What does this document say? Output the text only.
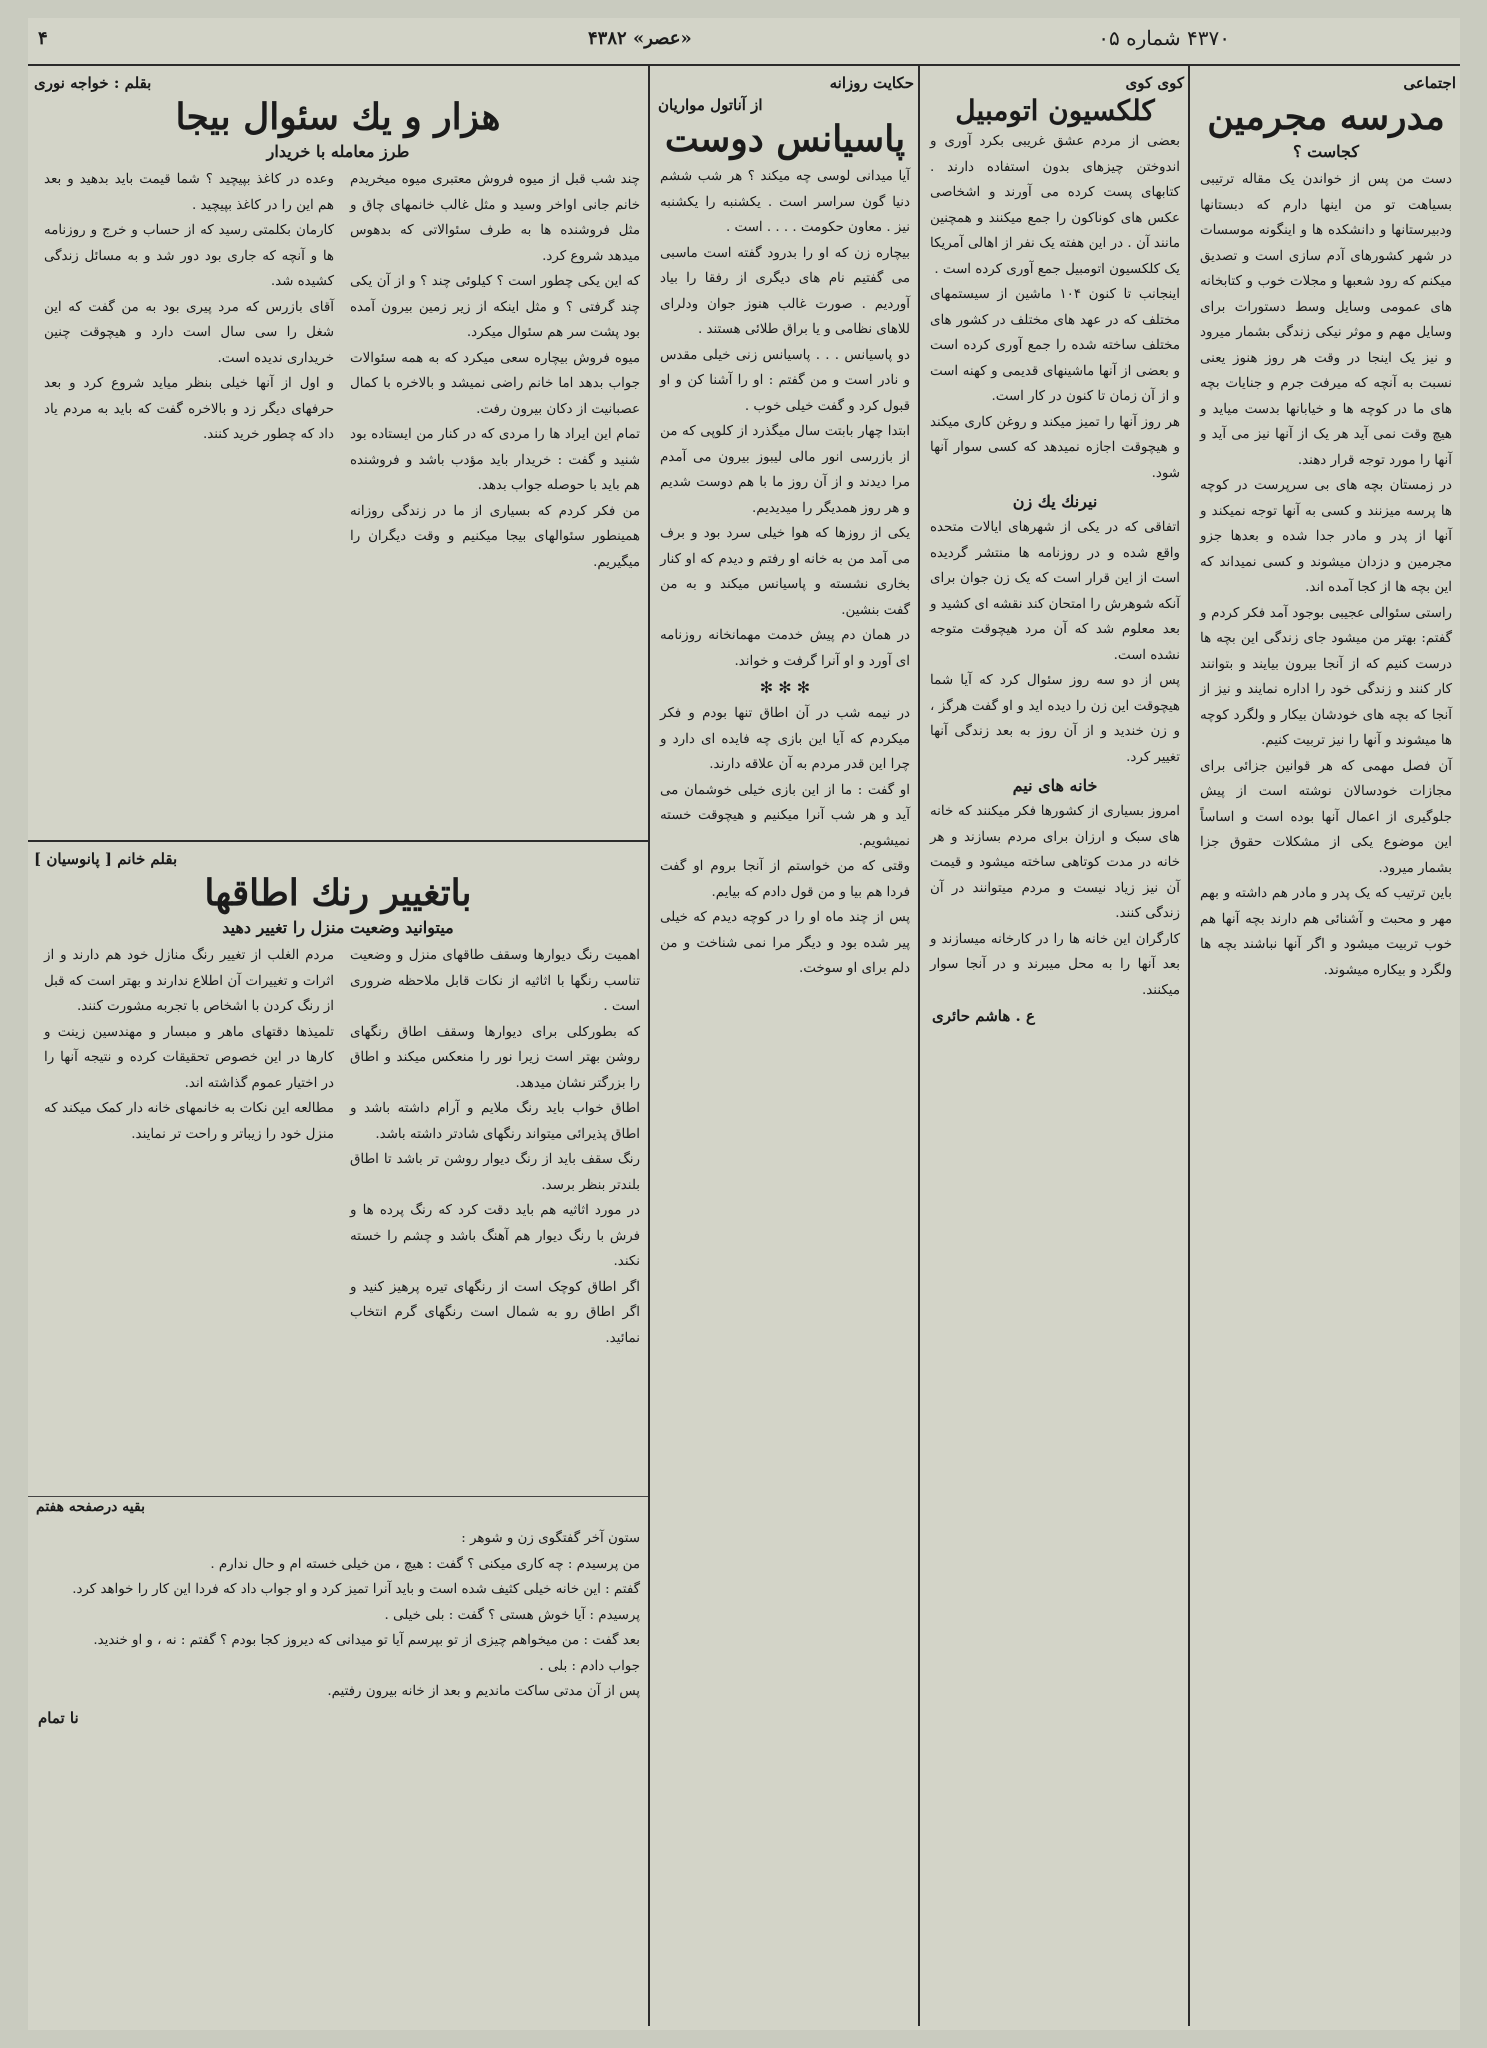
۴۳۷۰ شماره ۰۵
«عصر» ۴۳۸۲
۴
اجتماعی
مدرسه مجرمین
کجاست ؟
دست من پس از خواندن یک مقاله ترتیبی بسیاهت تو من اینها دارم که دبستانها ودبیرستانها و دانشکده ها و اینگونه موسسات در شهر کشورهای آدم سازی است و تصدیق میکنم که رود شعبها و مجلات خوب و کتابخانه های عمومی وسایل وسط دستورات برای وسایل مهم و موثر نیکی زندگی بشمار میرود و نیز یک اینجا در وقت هر روز هنوز یعنی نسبت به آنچه که میرفت جرم و جنایات بچه های ما در کوچه ها و خیابانها بدست میاید و هیچ وقت نمی آید هر یک از آنها نیز می آید و آنها را مورد توجه قرار دهند.
در زمستان بچه های بی سرپرست در کوچه ها پرسه میزنند و کسی به آنها توجه نمیکند و آنها از پدر و مادر جدا شده و بعدها جزو مجرمین و دزدان میشوند و کسی نمیداند که این بچه ها از کجا آمده اند.
راستی سئوالی عجیبی بوجود آمد فکر کردم و گفتم: بهتر من میشود جای زندگی این بچه ها درست کنیم که از آنجا بیرون بیایند و بتوانند کار کنند و زندگی خود را اداره نمایند و نیز از آنجا که بچه های خودشان بیکار و ولگرد کوچه ها میشوند و آنها را نیز تربیت کنیم.
آن فصل مهمی که هر قوانین جزائی برای مجازات خودسالان نوشته است از پیش جلوگیری از اعمال آنها بوده است و اساساً این موضوع یکی از مشکلات حقوق جزا بشمار میرود.
باین ترتیب که یک پدر و مادر هم داشته و بهم مهر و محبت و آشنائی هم دارند بچه آنها هم خوب تربیت میشود و اگر آنها نباشند بچه ها ولگرد و بیکاره میشوند.
کوی کوی
کلکسیون اتومبیل
بعضی از مردم عشق غریبی بکرد آوری و اندوختن چیزهای بدون استفاده دارند . کتابهای پست کرده می آورند و اشخاصی عکس های کوناکون را جمع میکنند و همچنین مانند آن . در این هفته یک نفر از اهالی آمریکا یک کلکسیون اتومبیل جمع آوری کرده است .
اینجانب تا کنون ۱۰۴ ماشین از سیستمهای مختلف که در عهد های مختلف در کشور های مختلف ساخته شده را جمع آوری کرده است و بعضی از آنها ماشینهای قدیمی و کهنه است و از آن زمان تا کنون در کار است.
هر روز آنها را تمیز میکند و روغن کاری میکند و هیچوقت اجازه نمیدهد که کسی سوار آنها شود.
نیرنك یك زن
اتفاقی که در یکی از شهرهای ایالات متحده واقع شده و در روزنامه ها منتشر گردیده است از این قرار است که یک زن جوان برای آنکه شوهرش را امتحان کند نقشه ای کشید و بعد معلوم شد که آن مرد هیچوقت متوجه نشده است.
پس از دو سه روز سئوال کرد که آیا شما هیچوقت این زن را دیده اید و او گفت هرگز ، و زن خندید و از آن روز به بعد زندگی آنها تغییر کرد.
خانه های نیم
امروز بسیاری از کشورها فکر میکنند که خانه های سبک و ارزان برای مردم بسازند و هر خانه در مدت کوتاهی ساخته میشود و قیمت آن نیز زیاد نیست و مردم میتوانند در آن زندگی کنند.
کارگران این خانه ها را در کارخانه میسازند و بعد آنها را به محل میبرند و در آنجا سوار میکنند.
ع . هاشم حائری
حکایت روزانه
از آناتول مواریان
پاسیانس دوست
آیا میدانی لوسی چه میکند ؟ هر شب ششم دنیا گون سراسر است . یکشنبه را یکشنبه نیز . معاون حکومت . . . . است .
بیچاره زن که او را بدرود گفته است ماسبی می گفتیم نام های دیگری از رفقا را بیاد آوردیم . صورت غالب هنوز جوان ودلرای للاهای نظامی و یا براق طلائی هستند .
دو پاسیانس . . . پاسیانس زنی خیلی مقدس و نادر است و من گفتم : او را آشنا کن و او قبول کرد و گفت خیلی خوب .
ابتدا چهار بابتت سال میگذرد از کلوپی که من از بازرسی انور مالی لیبوز بیرون می آمدم مرا دیدند و از آن روز ما با هم دوست شدیم و هر روز همدیگر را میدیدیم.
یکی از روزها که هوا خیلی سرد بود و برف می آمد من به خانه او رفتم و دیدم که او کنار بخاری نشسته و پاسیانس میکند و به من گفت بنشین.
در همان دم پیش خدمت مهمانخانه روزنامه ای آورد و او آنرا گرفت و خواند.
✻ ✻ ✻
در نیمه شب در آن اطاق تنها بودم و فکر میکردم که آیا این بازی چه فایده ای دارد و چرا این قدر مردم به آن علاقه دارند.
او گفت : ما از این بازی خیلی خوشمان می آید و هر شب آنرا میکنیم و هیچوقت خسته نمیشویم.
وقتی که من خواستم از آنجا بروم او گفت فردا هم بیا و من قول دادم که بیایم.
پس از چند ماه او را در کوچه دیدم که خیلی پیر شده بود و دیگر مرا نمی شناخت و من دلم برای او سوخت.
بقلم : خواجه نوری
هزار و یك سئوال بیجا
طرز معامله با خریدار
چند شب قبل از میوه فروش معتبری میوه میخریدم خانم جانی اواخر وسید و مثل غالب خانمهای چاق و مثل فروشنده ها به طرف سئوالاتی که بدهوس میدهد شروع کرد.
که این یکی چطور است ؟ کیلوئی چند ؟ و از آن یکی چند گرفتی ؟ و مثل اینکه از زیر زمین بیرون آمده بود پشت سر هم سئوال میکرد.
میوه فروش بیچاره سعی میکرد که به همه سئوالات جواب بدهد اما خانم راضی نمیشد و بالاخره با کمال عصبانیت از دکان بیرون رفت.
تمام این ایراد ها را مردی که در کنار من ایستاده بود شنید و گفت : خریدار باید مؤدب باشد و فروشنده هم باید با حوصله جواب بدهد.
من فکر کردم که بسیاری از ما در زندگی روزانه همینطور سئوالهای بیجا میکنیم و وقت دیگران را میگیریم.
وعده در کاغذ بپیچید ؟ شما قیمت باید بدهید و بعد هم این را در کاغذ بپیچید .
کارمان بکلمتی رسید که از حساب و خرج و روزنامه ها و آنچه که جاری بود دور شد و به مسائل زندگی کشیده شد.
آقای بازرس که مرد پیری بود به من گفت که این شغل را سی سال است دارد و هیچوقت چنین خریداری ندیده است.
و اول از آنها خیلی بنظر میاید شروع کرد و بعد حرفهای دیگر زد و بالاخره گفت که باید به مردم یاد داد که چطور خرید کنند.
بقلم خانم [ پانوسیان ]
باتغییر رنك اطاقها
میتوانید وضعیت منزل را تغییر دهید
اهمیت رنگ دیوارها وسقف طاقهای منزل و وضعیت تناسب رنگها با اثاثیه از نکات قابل ملاحظه ضروری است .
که بطورکلی برای دیوارها وسقف اطاق رنگهای روشن بهتر است زیرا نور را منعکس میکند و اطاق را بزرگتر نشان میدهد.
اطاق خواب باید رنگ ملایم و آرام داشته باشد و اطاق پذیرائی میتواند رنگهای شادتر داشته باشد.
رنگ سقف باید از رنگ دیوار روشن تر باشد تا اطاق بلندتر بنظر برسد.
در مورد اثاثیه هم باید دقت کرد که رنگ پرده ها و فرش با رنگ دیوار هم آهنگ باشد و چشم را خسته نکند.
اگر اطاق کوچک است از رنگهای تیره پرهیز کنید و اگر اطاق رو به شمال است رنگهای گرم انتخاب نمائید.
مردم الغلب از تغییر رنگ منازل خود هم دارند و از اثرات و تغییرات آن اطلاع ندارند و بهتر است که قبل از رنگ کردن با اشخاص با تجربه مشورت کنند.
تلمیذها دقتهای ماهر و مبسار و مهندسین زینت و کارها در این خصوص تحقیقات کرده و نتیجه آنها را در اختیار عموم گذاشته اند.
مطالعه این نکات به خانمهای خانه دار کمک میکند که منزل خود را زیباتر و راحت تر نمایند.
بقیه درصفحه هفتم
ستون آخر گفتگوی زن و شوهر :
من پرسیدم : چه کاری میکنی ؟ گفت : هیچ ، من خیلی خسته ام و حال ندارم .
گفتم : این خانه خیلی کثیف شده است و باید آنرا تمیز کرد و او جواب داد که فردا این کار را خواهد کرد.
پرسیدم : آیا خوش هستی ؟ گفت : بلی خیلی .
بعد گفت : من میخواهم چیزی از تو بپرسم آیا تو میدانی که دیروز کجا بودم ؟ گفتم : نه ، و او خندید.
جواب دادم : بلی .
پس از آن مدتی ساکت ماندیم و بعد از خانه بیرون رفتیم.
نا تمام
